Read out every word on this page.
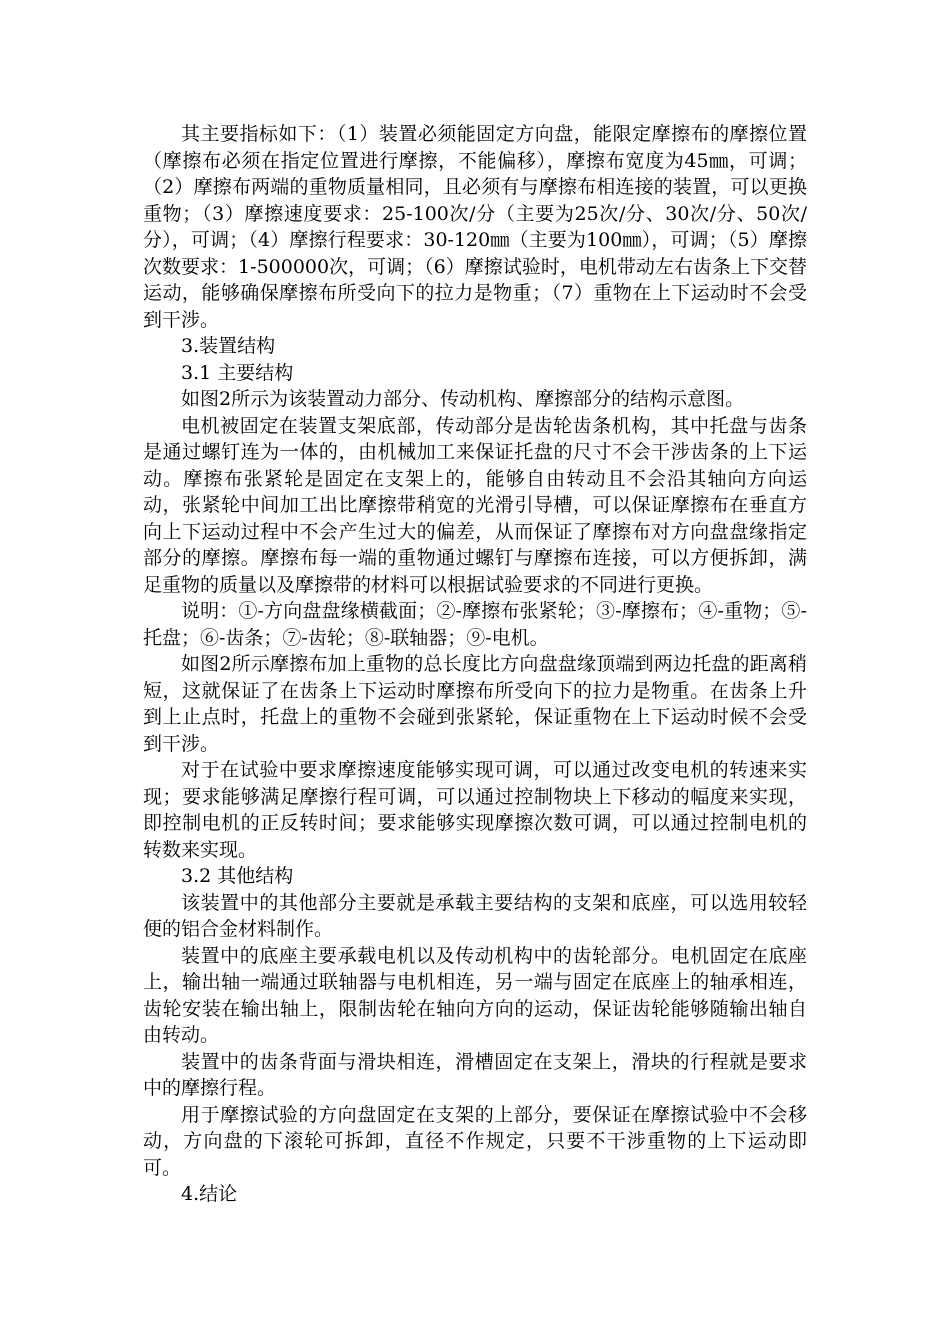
其主要指标如下：（1）装置必须能固定方向盘，能限定摩擦布的摩擦位置（摩擦布必须在指定位置进行摩擦，不能偏移），摩擦布宽度为45㎜，可调；（2）摩擦布两端的重物质量相同，且必须有与摩擦布相连接的装置，可以更换重物；（3）摩擦速度要求：25-100次/分（主要为25次/分、30次/分、50次/分），可调；（4）摩擦行程要求：30-120㎜（主要为100㎜），可调；（5）摩擦次数要求：1-500000次，可调；（6）摩擦试验时，电机带动左右齿条上下交替运动，能够确保摩擦布所受向下的拉力是物重；（7）重物在上下运动时不会受到干涉。

3.装置结构

3.1 主要结构

如图2所示为该装置动力部分、传动机构、摩擦部分的结构示意图。

电机被固定在装置支架底部，传动部分是齿轮齿条机构，其中托盘与齿条是通过螺钉连为一体的，由机械加工来保证托盘的尺寸不会干涉齿条的上下运动。摩擦布张紧轮是固定在支架上的，能够自由转动且不会沿其轴向方向运动，张紧轮中间加工出比摩擦带稍宽的光滑引导槽，可以保证摩擦布在垂直方向上下运动过程中不会产生过大的偏差，从而保证了摩擦布对方向盘盘缘指定部分的摩擦。摩擦布每一端的重物通过螺钉与摩擦布连接，可以方便拆卸，满足重物的质量以及摩擦带的材料可以根据试验要求的不同进行更换。

说明：①-方向盘盘缘横截面；②-摩擦布张紧轮；③-摩擦布；④-重物；⑤-托盘；⑥-齿条；⑦-齿轮；⑧-联轴器；⑨-电机。

如图2所示摩擦布加上重物的总长度比方向盘盘缘顶端到两边托盘的距离稍短，这就保证了在齿条上下运动时摩擦布所受向下的拉力是物重。在齿条上升到上止点时，托盘上的重物不会碰到张紧轮，保证重物在上下运动时候不会受到干涉。

对于在试验中要求摩擦速度能够实现可调，可以通过改变电机的转速来实现；要求能够满足摩擦行程可调，可以通过控制物块上下移动的幅度来实现，即控制电机的正反转时间；要求能够实现摩擦次数可调，可以通过控制电机的转数来实现。

3.2 其他结构

该装置中的其他部分主要就是承载主要结构的支架和底座，可以选用较轻便的铝合金材料制作。

装置中的底座主要承载电机以及传动机构中的齿轮部分。电机固定在底座上，输出轴一端通过联轴器与电机相连，另一端与固定在底座上的轴承相连，齿轮安装在输出轴上，限制齿轮在轴向方向的运动，保证齿轮能够随输出轴自由转动。

装置中的齿条背面与滑块相连，滑槽固定在支架上，滑块的行程就是要求中的摩擦行程。

用于摩擦试验的方向盘固定在支架的上部分，要保证在摩擦试验中不会移动，方向盘的下滚轮可拆卸，直径不作规定，只要不干涉重物的上下运动即可。

4.结论
